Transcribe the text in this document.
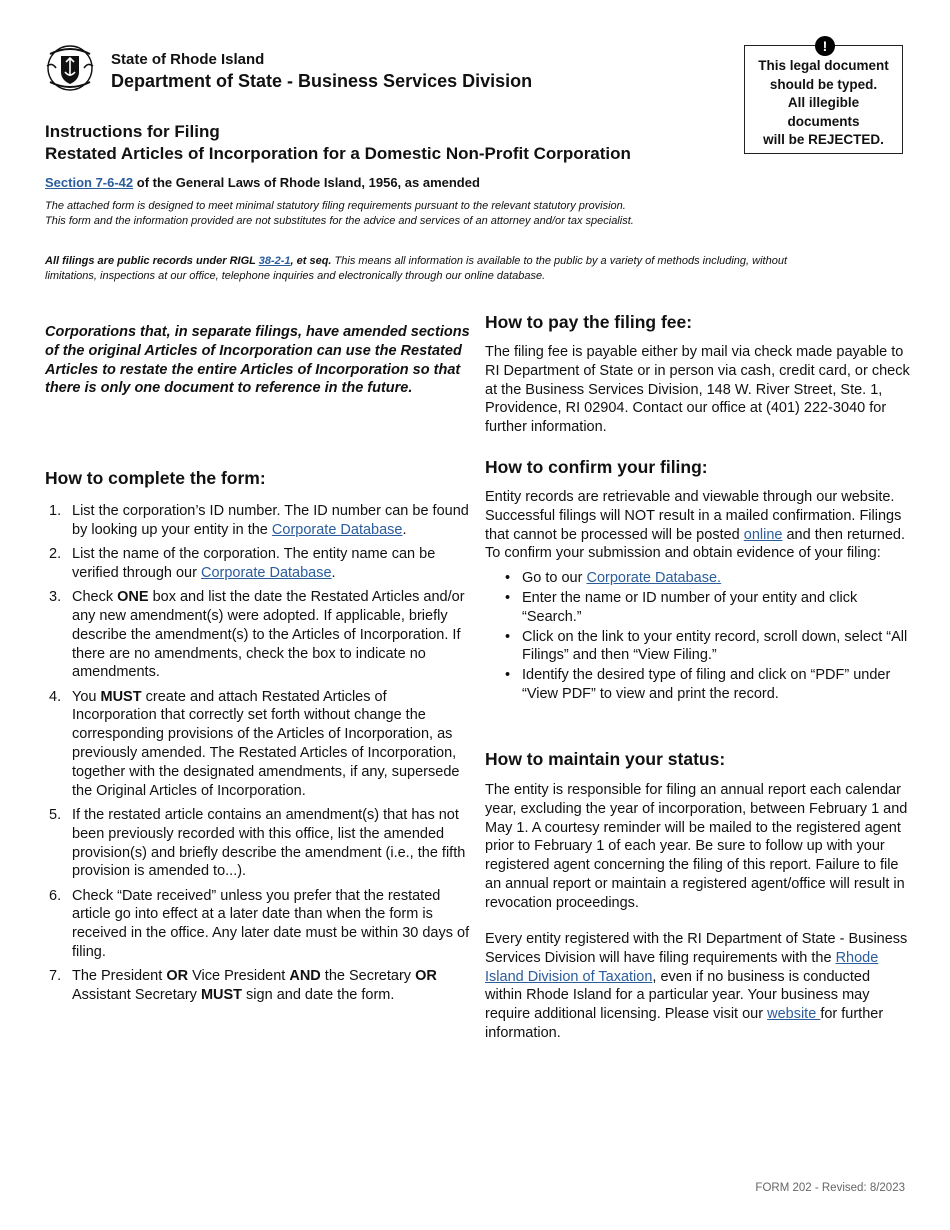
State of Rhode Island
Department of State - Business Services Division
!
This legal document
should be typed.
All illegible
documents
will be REJECTED.
Instructions for Filing
Restated Articles of Incorporation for a Domestic Non-Profit Corporation
Section 7-6-42 of the General Laws of Rhode Island, 1956, as amended
The attached form is designed to meet minimal statutory filing requirements pursuant to the relevant statutory provision.
This form and the information provided are not substitutes for the advice and services of an attorney and/or tax specialist.
All filings are public records under RIGL 38-2-1, et seq. This means all information is available to the public by a variety of methods including, without limitations, inspections at our office, telephone inquiries and electronically through our online database.
Corporations that, in separate filings, have amended sections of the original Articles of Incorporation can use the Restated Articles to restate the entire Articles of Incorporation so that there is only one document to reference in the future.
How to complete the form:
List the corporation’s ID number. The ID number can be found by looking up your entity in the Corporate Database.
List the name of the corporation. The entity name can be verified through our Corporate Database.
Check ONE box and list the date the Restated Articles and/or any new amendment(s) were adopted. If applicable, briefly describe the amendment(s) to the Articles of Incorporation. If there are no amendments, check the box to indicate no amendments.
You MUST create and attach Restated Articles of Incorporation that correctly set forth without change the corresponding provisions of the Articles of Incorporation, as previously amended. The Restated Articles of Incorporation, together with the designated amendments, if any, supersede the Original Articles of Incorporation.
If the restated article contains an amendment(s) that has not been previously recorded with this office, list the amended provision(s) and briefly describe the amendment (i.e., the fifth provision is amended to...).
Check “Date received” unless you prefer that the restated article go into effect at a later date than when the form is received in the office. Any later date must be within 30 days of filing.
The President OR Vice President AND the Secretary OR Assistant Secretary MUST sign and date the form.
How to pay the filing fee:
The filing fee is payable either by mail via check made payable to RI Department of State or in person via cash, credit card, or check at the Business Services Division, 148 W. River Street, Ste. 1, Providence, RI 02904. Contact our office at (401) 222-3040 for further information.
How to confirm your filing:
Entity records are retrievable and viewable through our website. Successful filings will NOT result in a mailed confirmation. Filings that cannot be processed will be posted online and then returned. To confirm your submission and obtain evidence of your filing:
• Go to our Corporate Database.
• Enter the name or ID number of your entity and click “Search.”
• Click on the link to your entity record, scroll down, select “All Filings” and then “View Filing.”
• Identify the desired type of filing and click on “PDF” under “View PDF” to view and print the record.
How to maintain your status:
The entity is responsible for filing an annual report each calendar year, excluding the year of incorporation, between February 1 and May 1. A courtesy reminder will be mailed to the registered agent prior to February 1 of each year. Be sure to follow up with your registered agent concerning the filing of this report. Failure to file an annual report or maintain a registered agent/office will result in revocation proceedings.
Every entity registered with the RI Department of State - Business Services Division will have filing requirements with the Rhode Island Division of Taxation, even if no business is conducted within Rhode Island for a particular year. Your business may require additional licensing. Please visit our website for further information.
FORM 202 - Revised: 8/2023
